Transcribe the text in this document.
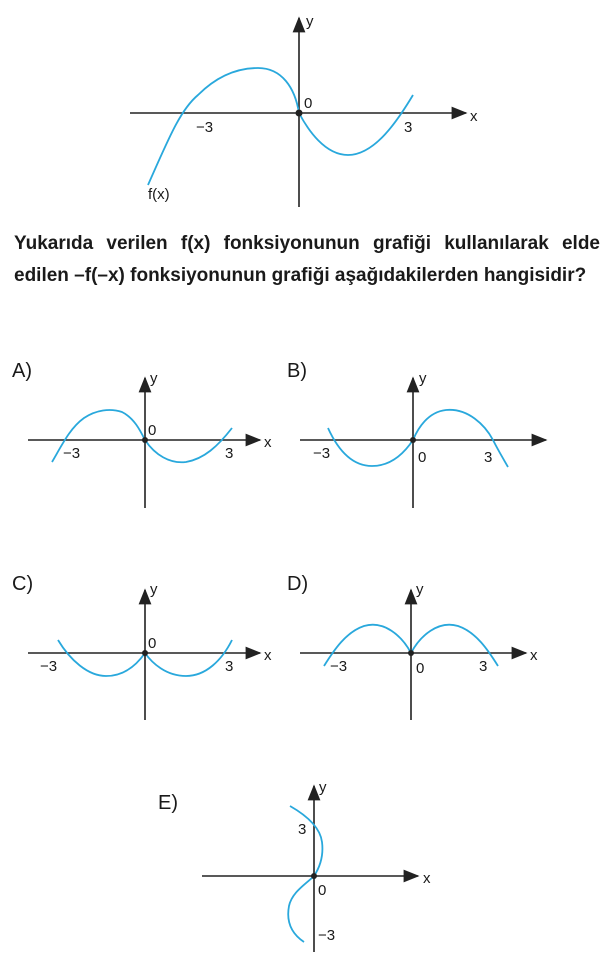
y
x
0
−3	3
f(x)
y
x
0
−3	3
y
0
−3	3
y
x
0
−3	3
y
x
0
−3	3
y
x
0
3
−3

Yukarıda verilen f(x) fonksiyonunun grafiği kullanılarak elde edilen –f(–x) fonksiyonunun grafiği aşağıdakilerden hangisidir?

A)	B)
C)	D)
E)
